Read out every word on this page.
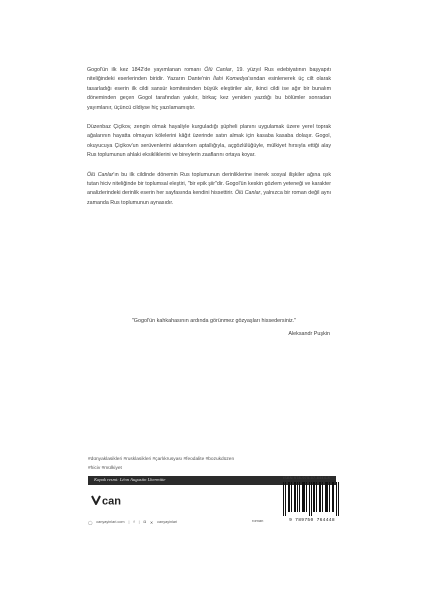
Gogol'ün ilk kez 1842'de yayımlanan romanı Ölü Canlar, 19. yüzyıl Rus edebiyatının başyapıtı niteliğindeki eserlerinden biridir. Yazarın Dante'nin İlahi Komedya'sından esinlenerek üç cilt olarak tasarladığı eserin ilk cildi sansür komitesinden büyük eleştiriler alır, ikinci cildi ise ağır bir bunalım döneminden geçen Gogol tarafından yakılır, birkaç kez yeniden yazdığı bu bölümler sonradan yayımlanır, üçüncü cildiyse hiç yazılamamıştır.

Düzenbaz Çiçikov, zengin olmak hayaliyle kurguladığı şüpheli planını uygulamak üzere yerel toprak ağalarının hayatta olmayan kölelerini kâğıt üzerinde satın almak için kasaba kasaba dolaşır. Gogol, okuyucuya Çiçikov'un serüvenlerini aktarırken aptallığıyla, açgözlülüğüyle, mülkiyet hırsıyla ettiği alay Rus toplumunun ahlaki eksikliklerini ve bireylerin zaaflarını ortaya koyar.

Ölü Canlar'ın bu ilk cildinde dönemin Rus toplumunun derinliklerine inerek sosyal ilişkiler ağına ışık tutan hiciv niteliğinde bir toplumsal eleştiri, "bir epik şiir"dir. Gogol'ün keskin gözlem yeteneği ve karakter analizlerindeki derinlik eserin her sayfasında kendini hissettirir. Ölü Canlar, yalnızca bir roman değil aynı zamanda Rus toplumunun aynasıdır.

"Gogol'ün kahkahasının ardında görünmez gözyaşları hissedersiniz."
Aleksandr Puşkin
#dünyaklasikleri #rusklasikleri #çarlıkrusyası #feodalite #bozukdüzen
#hiciv #mülkiyet
Kapak resmi: Léon Augustin Lhermitte
can
ISBN 978-975-07-6444-8
9 789750 764448
◯ canyayinlari.com | f | ◘ ✕ canyayinlari	roman
